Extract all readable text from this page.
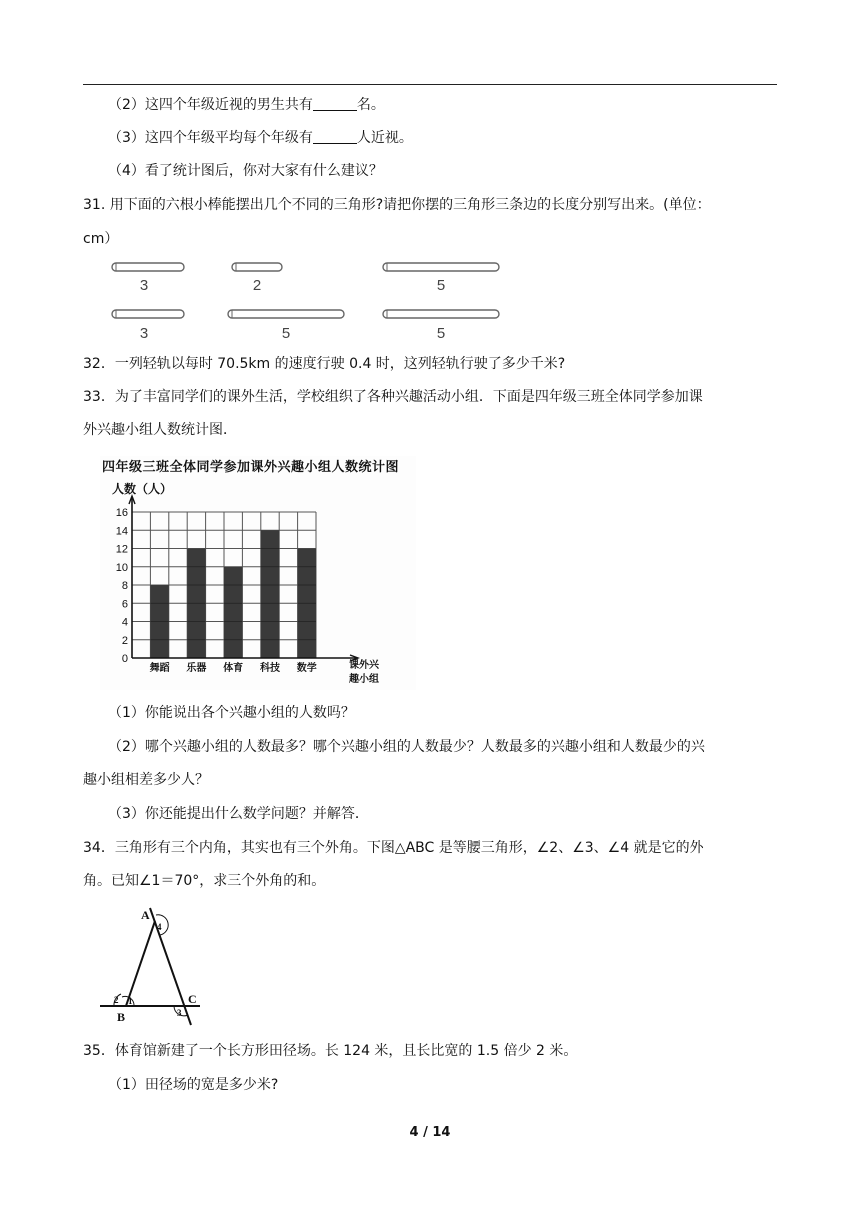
（2）这四个年级近视的男生共有	名。
（3）这四个年级平均每个年级有	人近视。
（4）看了统计图后，你对大家有什么建议？
31. 用下面的六根小棒能摆出几个不同的三角形?请把你摆的三角形三条边的长度分别写出来。(单位：
cm）
3	2	5
3	5	5
32．一列轻轨以每时 70.5km 的速度行驶 0.4 时，这列轻轨行驶了多少千米?
33．为了丰富同学们的课外生活，学校组织了各种兴趣活动小组．下面是四年级三班全体同学参加课
外兴趣小组人数统计图．
四年级三班全体同学参加课外兴趣小组人数统计图
人数（人）
0
2
4
6
8
10
12
14
16
舞蹈 乐器 体育 科技 数学	课外兴
趣小组
（1）你能说出各个兴趣小组的人数吗？
（2）哪个兴趣小组的人数最多？哪个兴趣小组的人数最少？人数最多的兴趣小组和人数最少的兴
趣小组相差多少人？
（3）你还能提出什么数学问题？并解答．
34．三角形有三个内角，其实也有三个外角。下图△ABC 是等腰三角形，∠2、∠3、∠4 就是它的外
角。已知∠1＝70°，求三个外角的和。
A
B
C
4
2 1
3
35．体育馆新建了一个长方形田径场。长 124 米，且长比宽的 1.5 倍少 2 米。
（1）田径场的宽是多少米?
4 / 14
